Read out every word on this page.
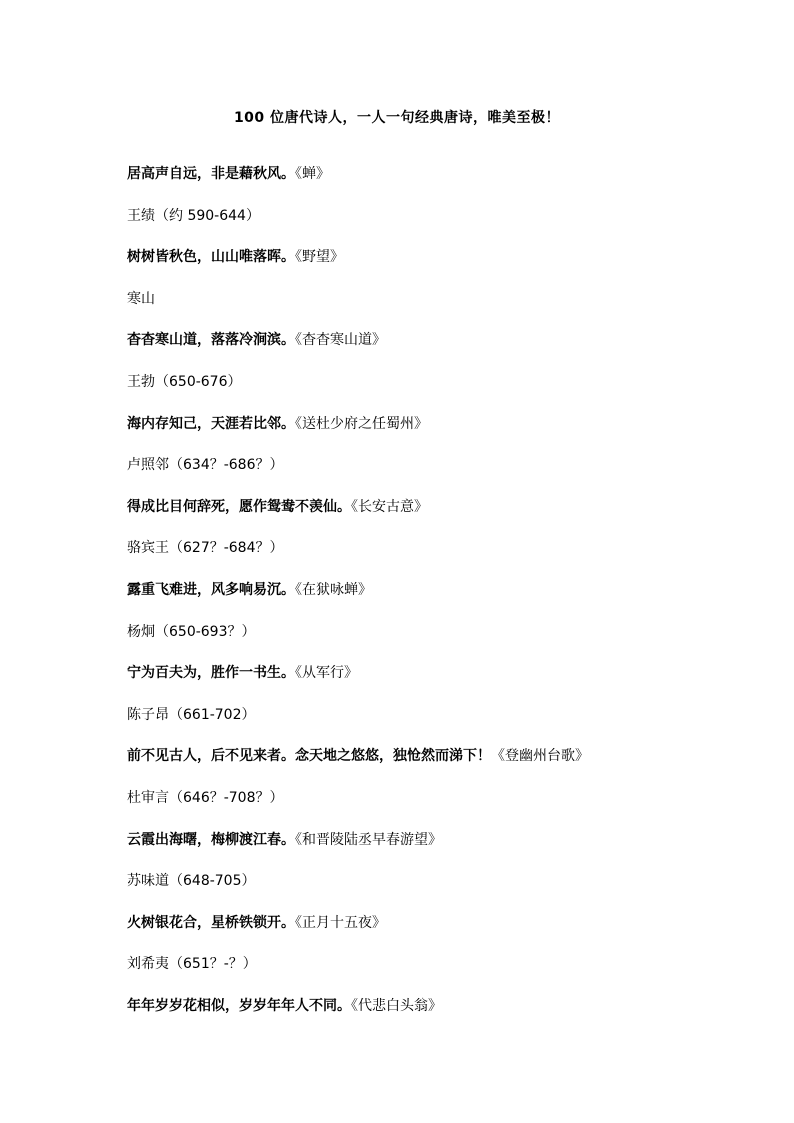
100 位唐代诗人，一人一句经典唐诗，唯美至极！
居高声自远，非是藉秋风。《蝉》
王绩（约 590-644）
树树皆秋色，山山唯落晖。《野望》
寒山
杳杳寒山道，落落冷涧滨。《杳杳寒山道》
王勃（650-676）
海内存知己，天涯若比邻。《送杜少府之任蜀州》
卢照邻（634？-686？）
得成比目何辞死，愿作鸳鸯不羡仙。《长安古意》
骆宾王（627？-684？）
露重飞难进，风多响易沉。《在狱咏蝉》
杨炯（650-693？）
宁为百夫为，胜作一书生。《从军行》
陈子昂（661-702）
前不见古人，后不见来者。念天地之悠悠，独怆然而涕下！《登幽州台歌》
杜审言（646？-708？）
云霞出海曙，梅柳渡江春。《和晋陵陆丞早春游望》
苏味道（648-705）
火树银花合，星桥铁锁开。《正月十五夜》
刘希夷（651？-？）
年年岁岁花相似，岁岁年年人不同。《代悲白头翁》
